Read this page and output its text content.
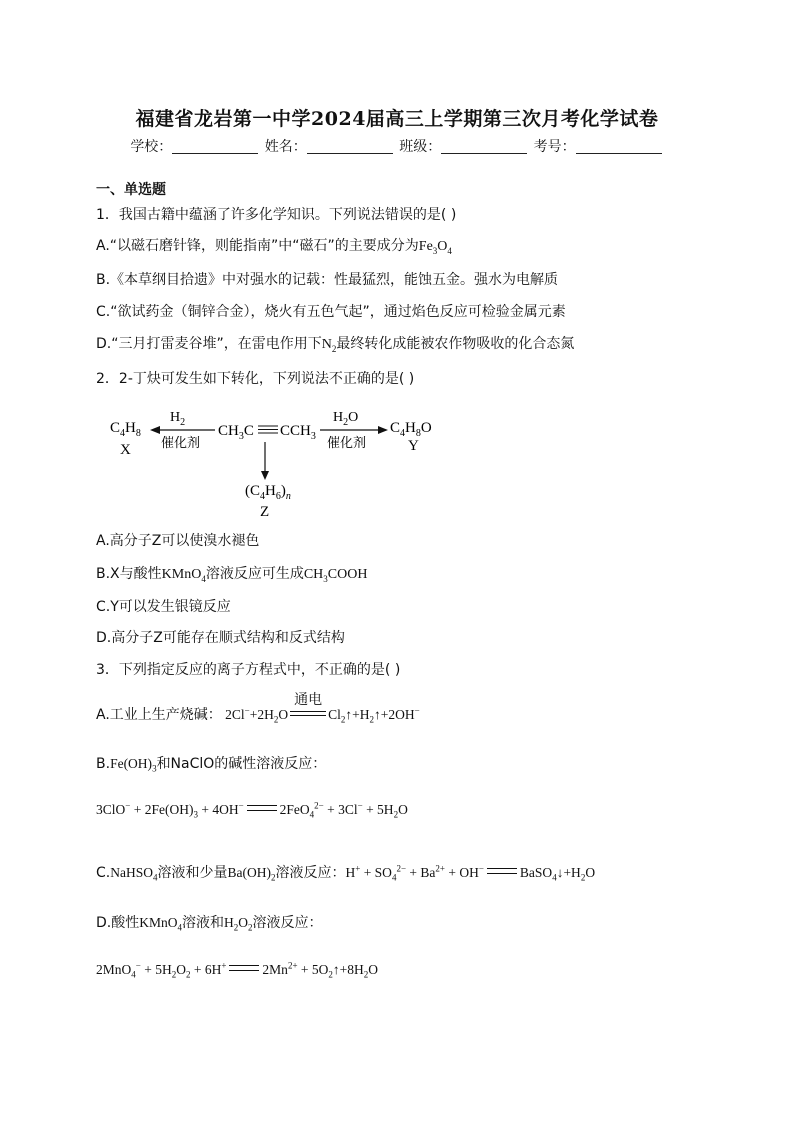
福建省龙岩第一中学2024届高三上学期第三次月考化学试卷
学校：	姓名：	班级：	考号：
一、单选题
1．我国古籍中蕴涵了许多化学知识。下列说法错误的是( )
A.“以磁石磨针锋，则能指南”中“磁石”的主要成分为$Fe_3O_4$
B.《本草纲目拾遗》中对强水的记载：性最猛烈，能蚀五金。强水为电解质
C.“欲试药金（铜锌合金），烧火有五色气起”，通过焰色反应可检验金属元素
D.“三月打雷麦谷堆”，在雷电作用下$N_2$最终转化成能被农作物吸收的化合态氮
2．2-丁炔可发生如下转化，下列说法不正确的是( )
$C_4H_8$
X
$H_2$
催化剂
$CH_3C$ $CCH_3$
$H_2O$
催化剂
$C_4H_8O$
Y
$(C_4H_6)_n$
Z
A.高分子Z可以使溴水褪色
B.X与酸性KMnO$_4$溶液反应可生成$CH_3COOH$
C.Y可以发生银镜反应
D.高分子Z可能存在顺式结构和反式结构
3．下列指定反应的离子方程式中，不正确的是( )
A.工业上生产烧碱： $2Cl^-+2H_2O$
通电
$Cl_2↑+H_2↑+2OH^-$
$B.Fe(OH)_3$和NaClO的碱性溶液反应：
$3ClO^- + 2Fe(OH)_3 + 4OH^-$	$2FeO_4^{2-} + 3Cl^- + 5H_2O$
C.NaHSO$_4$溶液和少量$Ba(OH)_2$溶液反应：$H^+ + SO_4^{2-} + Ba^{2+} + OH^-$	$BaSO_4↓+H_2O$
D.酸性KMnO$_4$溶液和$H_2O_2$溶液反应：
$2MnO_4^- + 5H_2O_2 + 6H^+$	$2Mn^{2+}$ + $5O_2↑+8H_2O$
